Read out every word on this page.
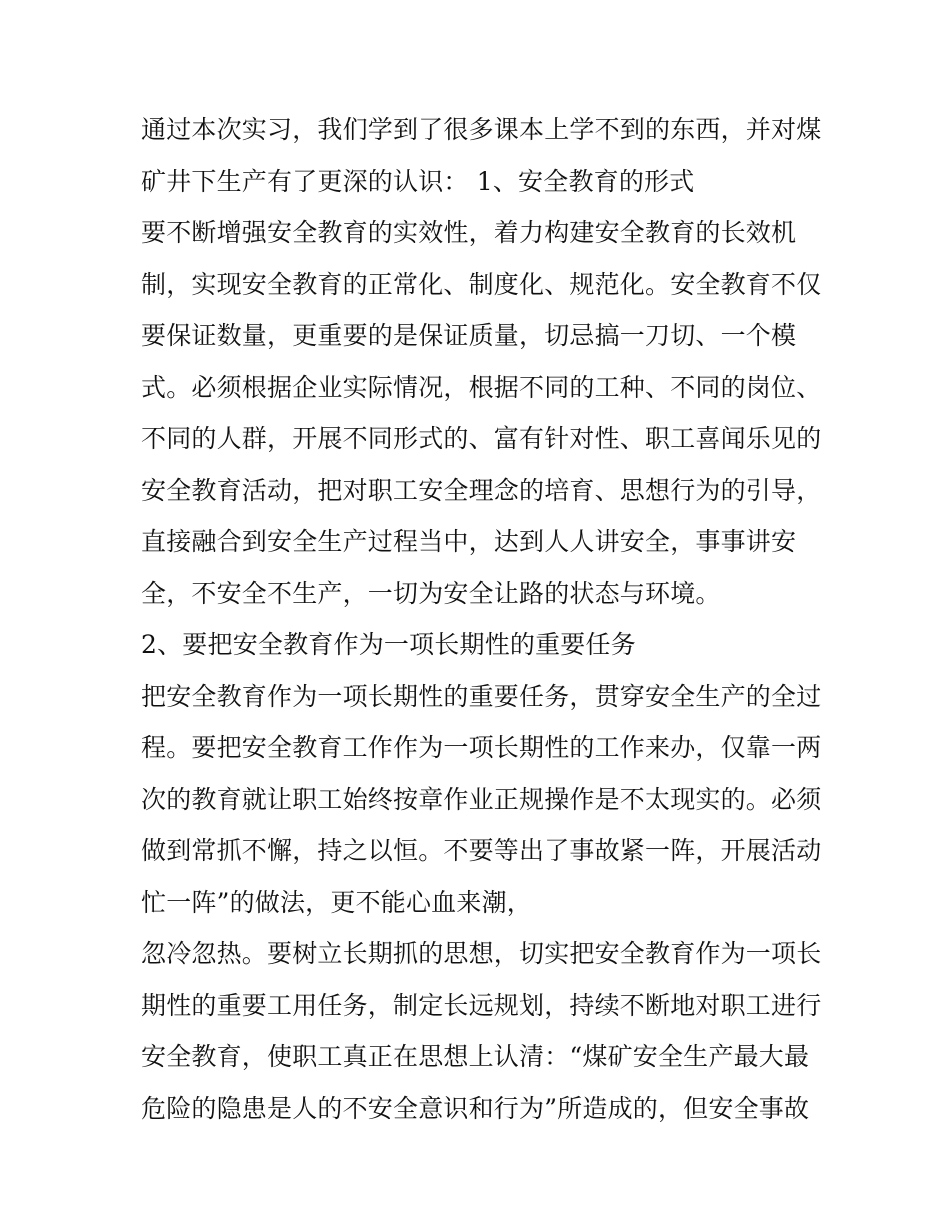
通过本次实习，我们学到了很多课本上学不到的东西，并对煤
矿井下生产有了更深的认识： 1、安全教育的形式
要不断增强安全教育的实效性，着力构建安全教育的长效机
制，实现安全教育的正常化、制度化、规范化。安全教育不仅
要保证数量，更重要的是保证质量，切忌搞一刀切、一个模
式。必须根据企业实际情况，根据不同的工种、不同的岗位、
不同的人群，开展不同形式的、富有针对性、职工喜闻乐见的
安全教育活动，把对职工安全理念的培育、思想行为的引导，
直接融合到安全生产过程当中，达到人人讲安全，事事讲安
全，不安全不生产，一切为安全让路的状态与环境。
2、要把安全教育作为一项长期性的重要任务
把安全教育作为一项长期性的重要任务，贯穿安全生产的全过
程。要把安全教育工作作为一项长期性的工作来办，仅靠一两
次的教育就让职工始终按章作业正规操作是不太现实的。必须
做到常抓不懈，持之以恒。不要等出了事故紧一阵，开展活动
忙一阵”的做法，更不能心血来潮，
忽冷忽热。要树立长期抓的思想，切实把安全教育作为一项长
期性的重要工用任务，制定长远规划，持续不断地对职工进行
安全教育，使职工真正在思想上认清：“煤矿安全生产最大最
危险的隐患是人的不安全意识和行为”所造成的，但安全事故
